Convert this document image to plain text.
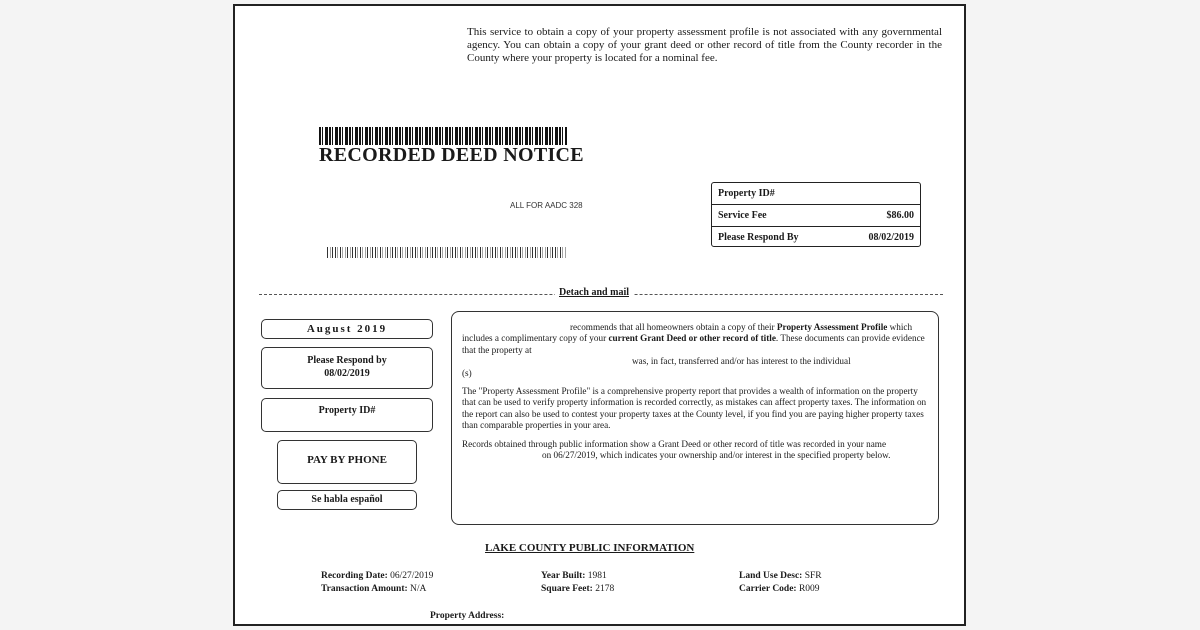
This service to obtain a copy of your property assessment profile is not associated with any governmental agency. You can obtain a copy of your grant deed or other record of title from the County recorder in the County where your property is located for a nominal fee.
RECORDED DEED NOTICE
ALL FOR AADC 328
Property ID#
Service Fee	$86.00
Please Respond By	08/02/2019
Detach and mail
August 2019
Please Respond by
08/02/2019
Property ID#
PAY BY PHONE
Se habla español

recommends that all homeowners obtain a copy of their Property Assessment Profile which includes a complimentary copy of your current Grant Deed or other record of title. These documents can provide evidence that the property at
was, in fact, transferred and/or has interest to the individual
(s)

The "Property Assessment Profile" is a comprehensive property report that provides a wealth of information on the property that can be used to verify property information is recorded correctly, as mistakes can affect property taxes. The information on the report can also be used to contest your property taxes at the County level, if you find you are paying higher property taxes than comparable properties in your area.

Records obtained through public information show a Grant Deed or other record of title was recorded in your name on 06/27/2019, which indicates your ownership and/or interest in the specified property below.

LAKE COUNTY PUBLIC INFORMATION
Recording Date: 06/27/2019
Transaction Amount: N/A
Year Built: 1981
Square Feet: 2178
Land Use Desc: SFR
Carrier Code: R009
Property Address:
